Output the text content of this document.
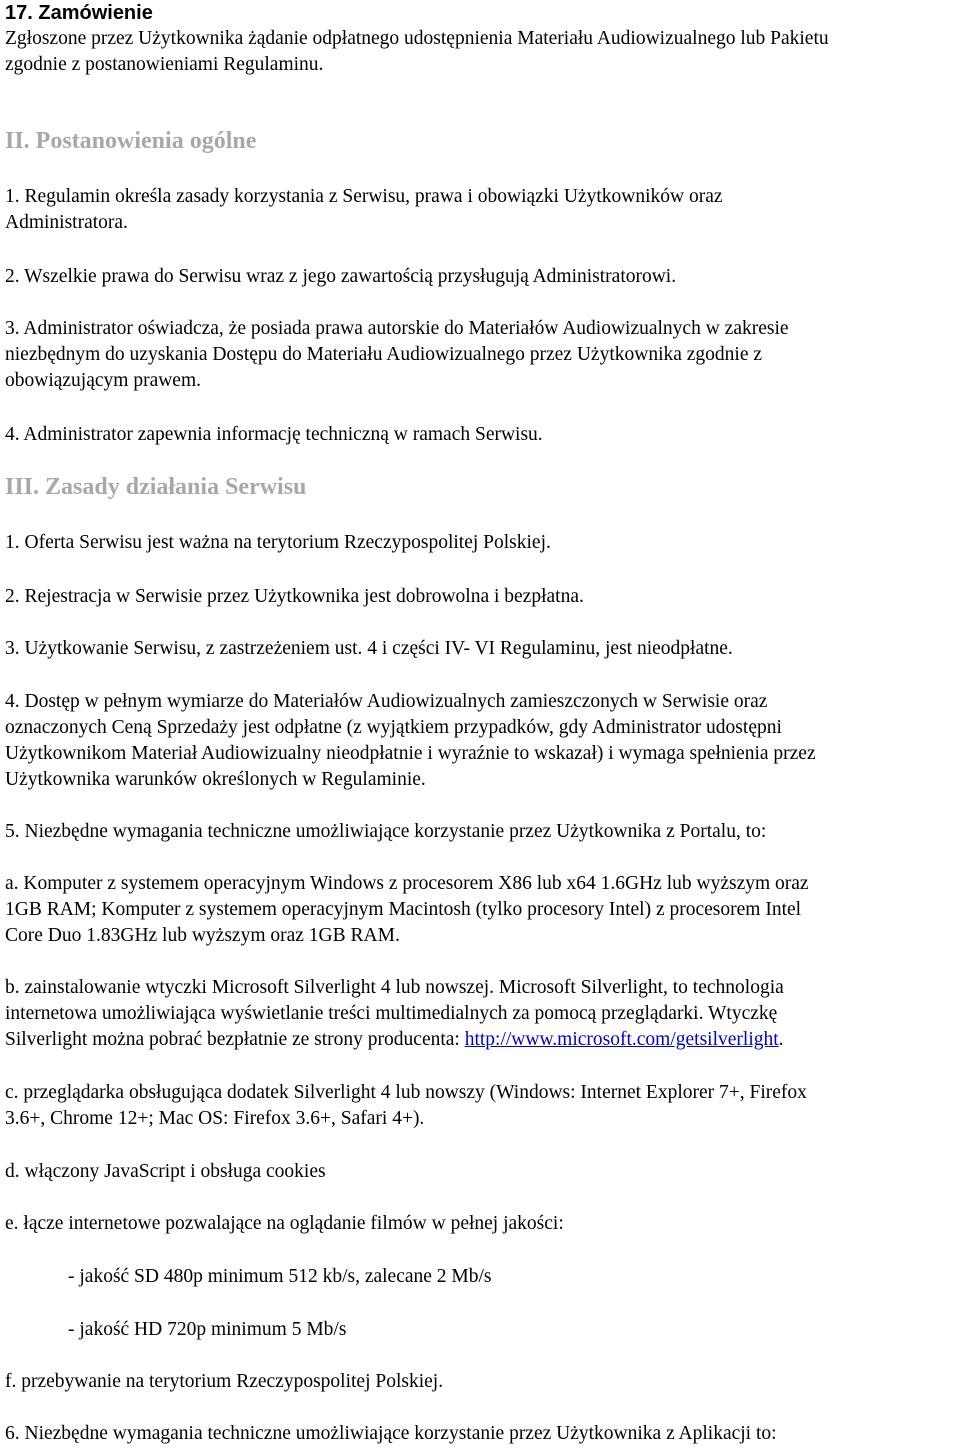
17. Zamówienie
Zgłoszone przez Użytkownika żądanie odpłatnego udostępnienia Materiału Audiowizualnego lub Pakietu
zgodnie z postanowieniami Regulaminu.
II. Postanowienia ogólne
1. Regulamin określa zasady korzystania z Serwisu, prawa i obowiązki Użytkowników oraz
Administratora.
2. Wszelkie prawa do Serwisu wraz z jego zawartością przysługują Administratorowi.
3. Administrator oświadcza, że posiada prawa autorskie do Materiałów Audiowizualnych w zakresie
niezbędnym do uzyskania Dostępu do Materiału Audiowizualnego przez Użytkownika zgodnie z
obowiązującym prawem.
4. Administrator zapewnia informację techniczną w ramach Serwisu.
III. Zasady działania Serwisu
1. Oferta Serwisu jest ważna na terytorium Rzeczypospolitej Polskiej.
2. Rejestracja w Serwisie przez Użytkownika jest dobrowolna i bezpłatna.
3. Użytkowanie Serwisu, z zastrzeżeniem ust. 4 i części IV- VI Regulaminu, jest nieodpłatne.
4. Dostęp w pełnym wymiarze do Materiałów Audiowizualnych zamieszczonych w Serwisie oraz
oznaczonych Ceną Sprzedaży jest odpłatne (z wyjątkiem przypadków, gdy Administrator udostępni
Użytkownikom Materiał Audiowizualny nieodpłatnie i wyraźnie to wskazał) i wymaga spełnienia przez
Użytkownika warunków określonych w Regulaminie.
5. Niezbędne wymagania techniczne umożliwiające korzystanie przez Użytkownika z Portalu, to:
a. Komputer z systemem operacyjnym Windows z procesorem X86 lub x64 1.6GHz lub wyższym oraz
1GB RAM; Komputer z systemem operacyjnym Macintosh (tylko procesory Intel) z procesorem Intel
Core Duo 1.83GHz lub wyższym oraz 1GB RAM.
b. zainstalowanie wtyczki Microsoft Silverlight 4 lub nowszej. Microsoft Silverlight, to technologia
internetowa umożliwiająca wyświetlanie treści multimedialnych za pomocą przeglądarki. Wtyczkę
Silverlight można pobrać bezpłatnie ze strony producenta: http://www.microsoft.com/getsilverlight.
c. przeglądarka obsługująca dodatek Silverlight 4 lub nowszy (Windows: Internet Explorer 7+, Firefox
3.6+, Chrome 12+; Mac OS: Firefox 3.6+, Safari 4+).
d. włączony JavaScript i obsługa cookies
e. łącze internetowe pozwalające na oglądanie filmów w pełnej jakości:
- jakość SD 480p minimum 512 kb/s, zalecane 2 Mb/s
- jakość HD 720p minimum 5 Mb/s
f. przebywanie na terytorium Rzeczypospolitej Polskiej.
6. Niezbędne wymagania techniczne umożliwiające korzystanie przez Użytkownika z Aplikacji to:
